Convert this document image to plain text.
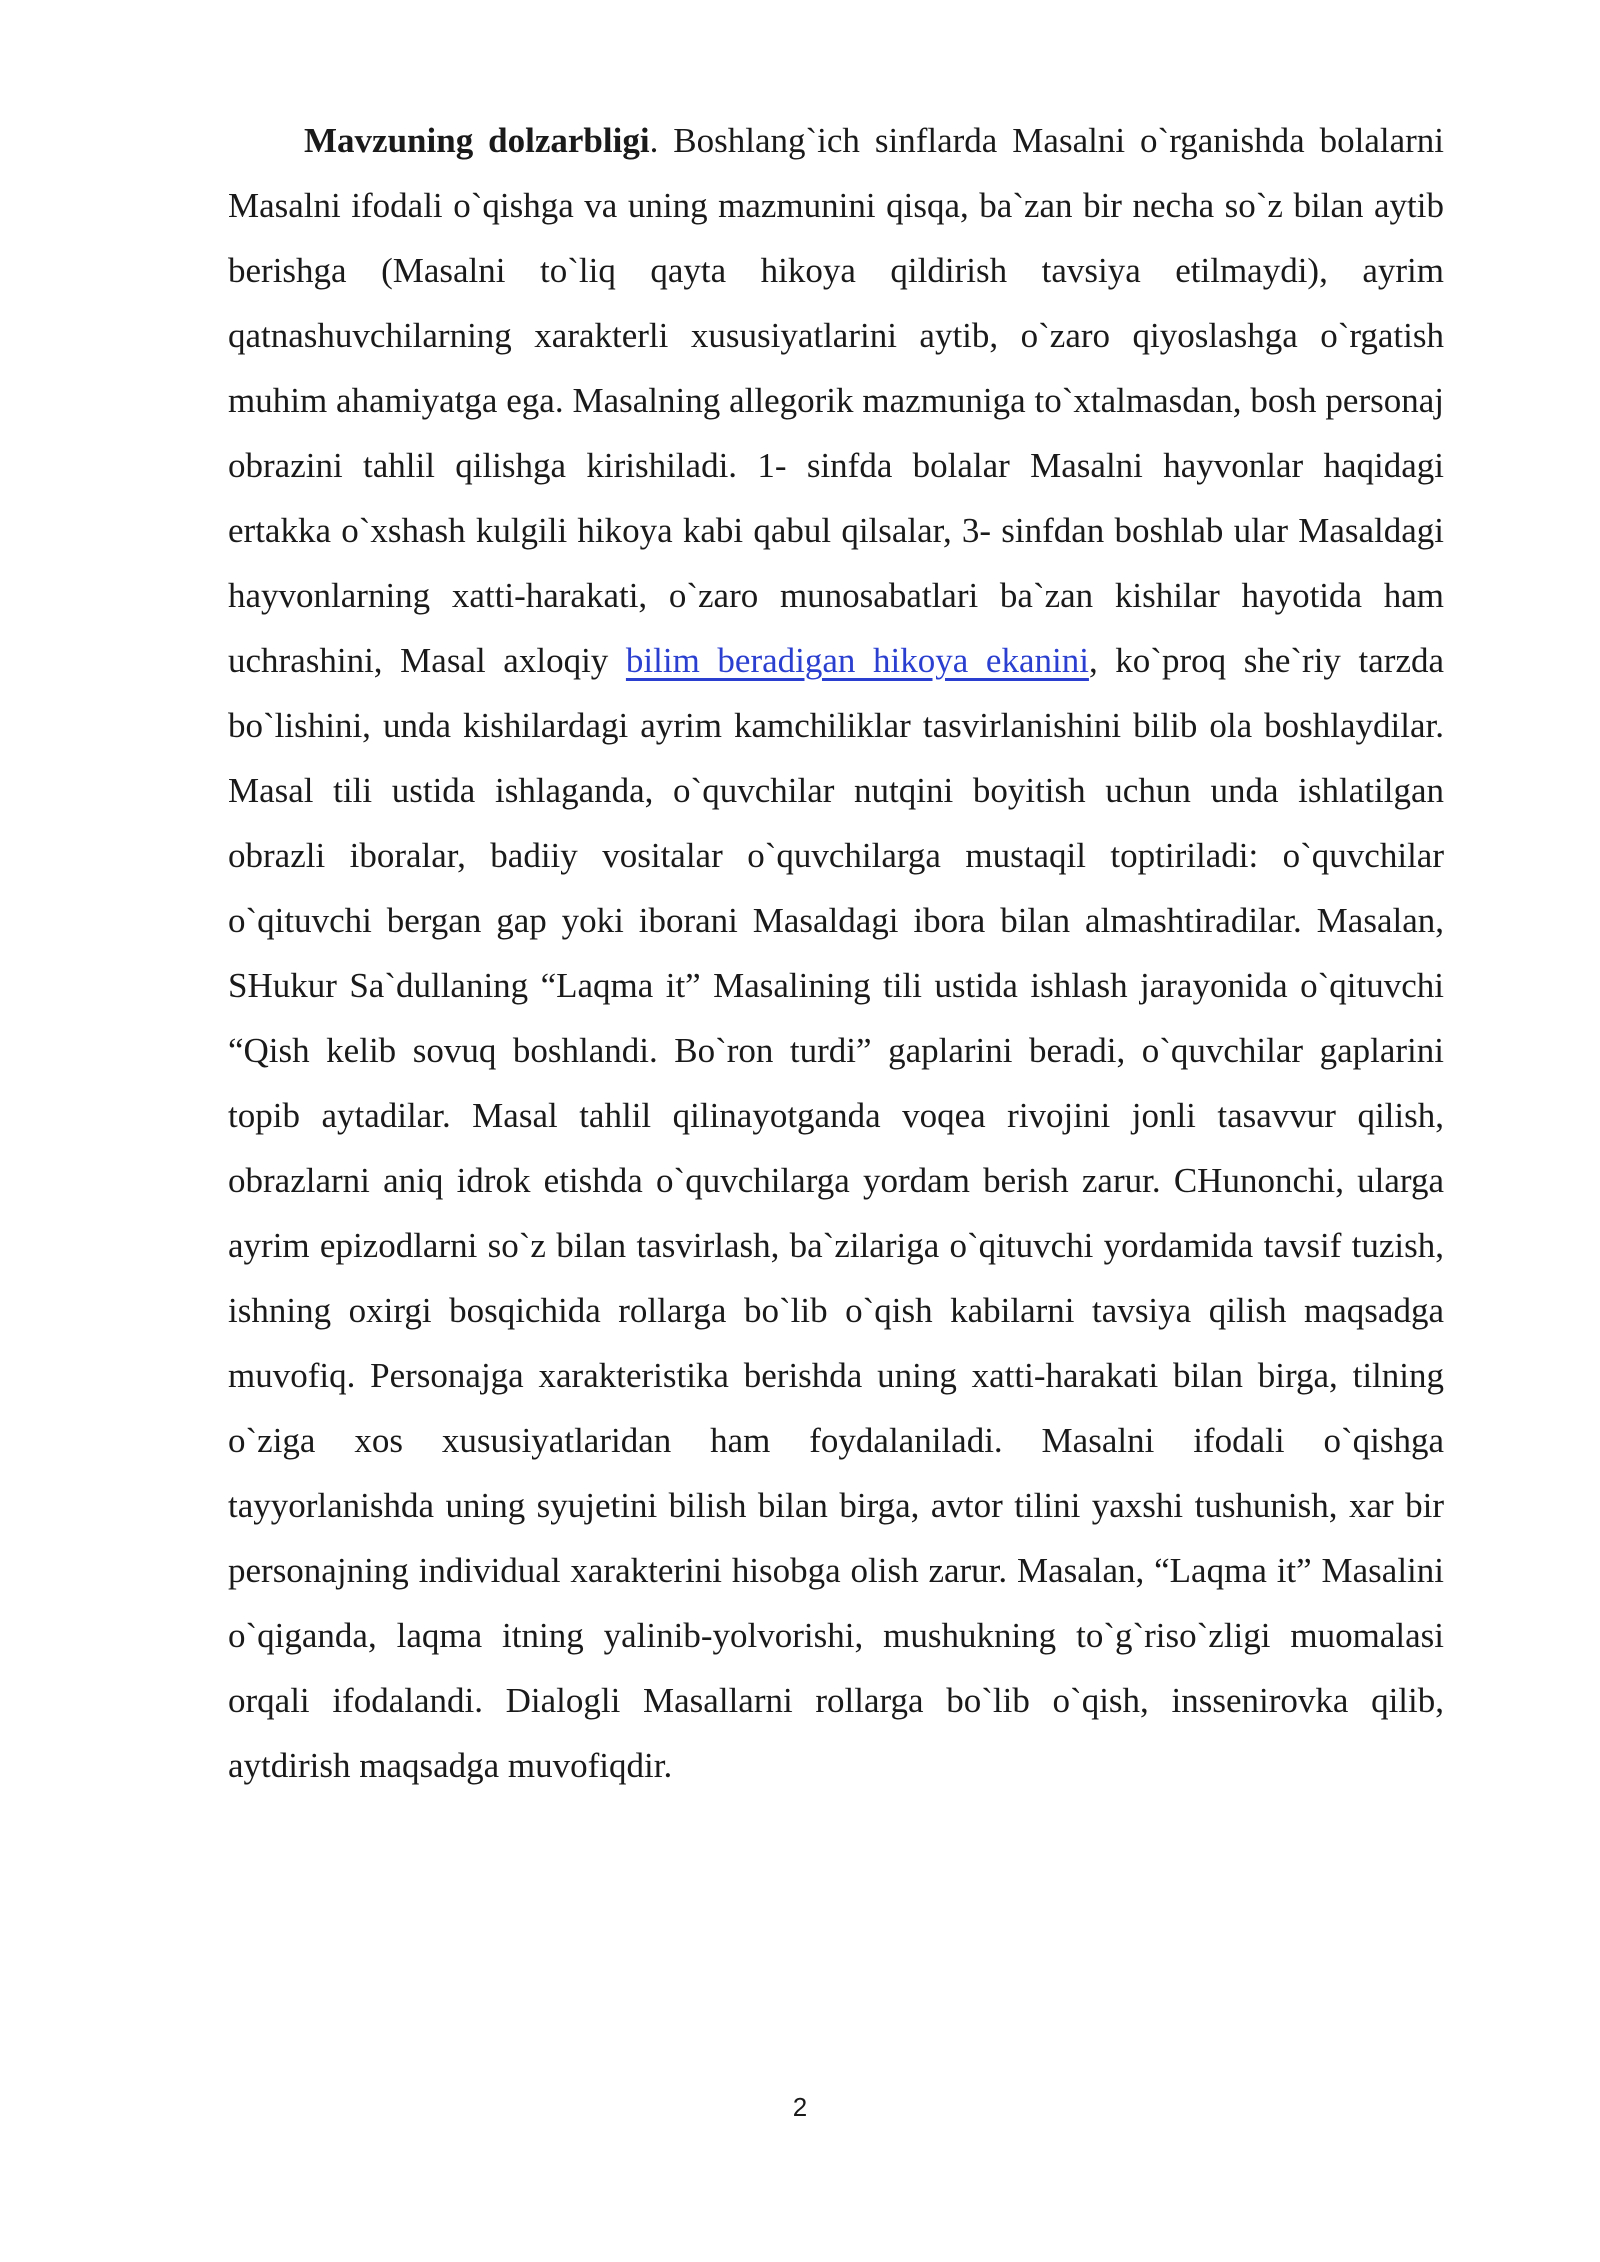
Mavzuning dolzarbligi. Boshlang`ich sinflarda Masalni o`rganishda bolalarni Masalni ifodali o`qishga va uning mazmunini qisqa, ba`zan bir necha so`z bilan aytib berishga (Masalni to`liq qayta hikoya qildirish tavsiya etilmaydi), ayrim qatnashuvchilarning xarakterli xususiyatlarini aytib, o`zaro qiyoslashga o`rgatish muhim ahamiyatga ega. Masalning allegorik mazmuniga to`xtalmasdan, bosh personaj obrazini tahlil qilishga kirishiladi. 1- sinfda bolalar Masalni hayvonlar haqidagi ertakka o`xshash kulgili hikoya kabi qabul qilsalar, 3- sinfdan boshlab ular Masaldagi hayvonlarning xatti-harakati, o`zaro munosabatlari ba`zan kishilar hayotida ham uchrashini, Masal axloqiy bilim beradigan hikoya ekanini, ko`proq she`riy tarzda bo`lishini, unda kishilardagi ayrim kamchiliklar tasvirlanishini bilib ola boshlaydilar. Masal tili ustida ishlaganda, o`quvchilar nutqini boyitish uchun unda ishlatilgan obrazli iboralar, badiiy vositalar o`quvchilarga mustaqil toptiriladi: o`quvchilar o`qituvchi bergan gap yoki iborani Masaldagi ibora bilan almashtiradilar. Masalan, SHukur Sa`dullaning “Laqma it” Masalining tili ustida ishlash jarayonida o`qituvchi “Qish kelib sovuq boshlandi. Bo`ron turdi” gaplarini beradi, o`quvchilar gaplarini topib aytadilar. Masal tahlil qilinayotganda voqea rivojini jonli tasavvur qilish, obrazlarni aniq idrok etishda o`quvchilarga yordam berish zarur. CHunonchi, ularga ayrim epizodlarni so`z bilan tasvirlash, ba`zilariga o`qituvchi yordamida tavsif tuzish, ishning oxirgi bosqichida rollarga bo`lib o`qish kabilarni tavsiya qilish maqsadga muvofiq. Personajga xarakteristika berishda uning xatti-harakati bilan birga, tilning o`ziga xos xususiyatlaridan ham foydalaniladi. Masalni ifodali o`qishga tayyorlanishda uning syujetini bilish bilan birga, avtor tilini yaxshi tushunish, xar bir personajning individual xarakterini hisobga olish zarur. Masalan, “Laqma it” Masalini o`qiganda, laqma itning yalinib-yolvorishi, mushukning to`g`riso`zligi muomalasi orqali ifodalandi. Dialogli Masallarni rollarga bo`lib o`qish, inssenirovka qilib, aytdirish maqsadga muvofiqdir.

2
